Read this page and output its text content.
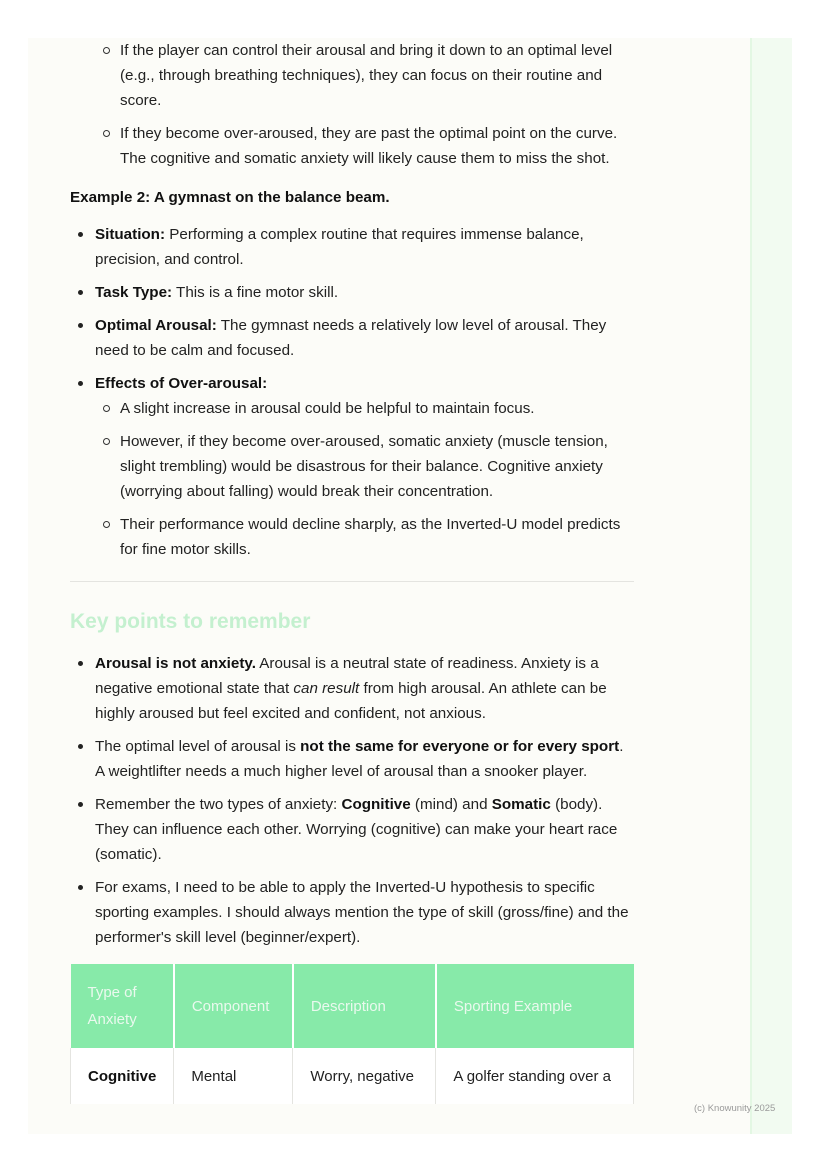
If the player can control their arousal and bring it down to an optimal level (e.g., through breathing techniques), they can focus on their routine and score.
If they become over-aroused, they are past the optimal point on the curve. The cognitive and somatic anxiety will likely cause them to miss the shot.
Example 2: A gymnast on the balance beam.
Situation: Performing a complex routine that requires immense balance, precision, and control.
Task Type: This is a fine motor skill.
Optimal Arousal: The gymnast needs a relatively low level of arousal. They need to be calm and focused.
Effects of Over-arousal:
A slight increase in arousal could be helpful to maintain focus.
However, if they become over-aroused, somatic anxiety (muscle tension, slight trembling) would be disastrous for their balance. Cognitive anxiety (worrying about falling) would break their concentration.
Their performance would decline sharply, as the Inverted-U model predicts for fine motor skills.
Key points to remember
Arousal is not anxiety. Arousal is a neutral state of readiness. Anxiety is a negative emotional state that can result from high arousal. An athlete can be highly aroused but feel excited and confident, not anxious.
The optimal level of arousal is not the same for everyone or for every sport. A weightlifter needs a much higher level of arousal than a snooker player.
Remember the two types of anxiety: Cognitive (mind) and Somatic (body). They can influence each other. Worrying (cognitive) can make your heart race (somatic).
For exams, I need to be able to apply the Inverted-U hypothesis to specific sporting examples. I should always mention the type of skill (gross/fine) and the performer's skill level (beginner/expert).
Type of Anxiety	Component	Description	Sporting Example
Cognitive	Mental	Worry, negative	A golfer standing over a
(c) Knowunity 2025
